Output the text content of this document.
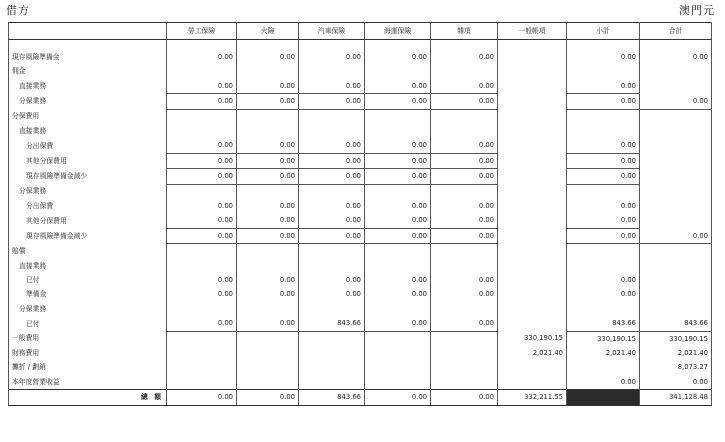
借方	澳門元
	勞工保險	火險	汽車保險	海運保險	雜項	一般帳項	小計	合計

現存風險準備金	0.00	0.00	0.00	0.00	0.00		0.00	0.00
佣金								
直接業務	0.00	0.00	0.00	0.00	0.00		0.00	
分保業務	0.00	0.00	0.00	0.00	0.00		0.00	0.00
分保費用								
直接業務								
分出保費	0.00	0.00	0.00	0.00	0.00		0.00	
其他分保費用	0.00	0.00	0.00	0.00	0.00		0.00	
現存風險準備金減少	0.00	0.00	0.00	0.00	0.00		0.00	
分保業務								
分出保費	0.00	0.00	0.00	0.00	0.00		0.00	
其他分保費用	0.00	0.00	0.00	0.00	0.00		0.00	
現存風險準備金減少	0.00	0.00	0.00	0.00	0.00		0.00	0.00
賠償								
直接業務								
已付	0.00	0.00	0.00	0.00	0.00		0.00	
準備金	0.00	0.00	0.00	0.00	0.00		0.00	
分保業務								
已付	0.00	0.00	843.66	0.00	0.00		843.66	843.66
一般費用						330,190.15	330,190.15	330,190.15
財務費用						2,021.40	2,021.40	2,021.40
攤折 / 劃銷								8,073.27
本年度營業收益							0.00	0.00
總 額	0.00	0.00	843.66	0.00	0.00	332,211.55		341,128.48
